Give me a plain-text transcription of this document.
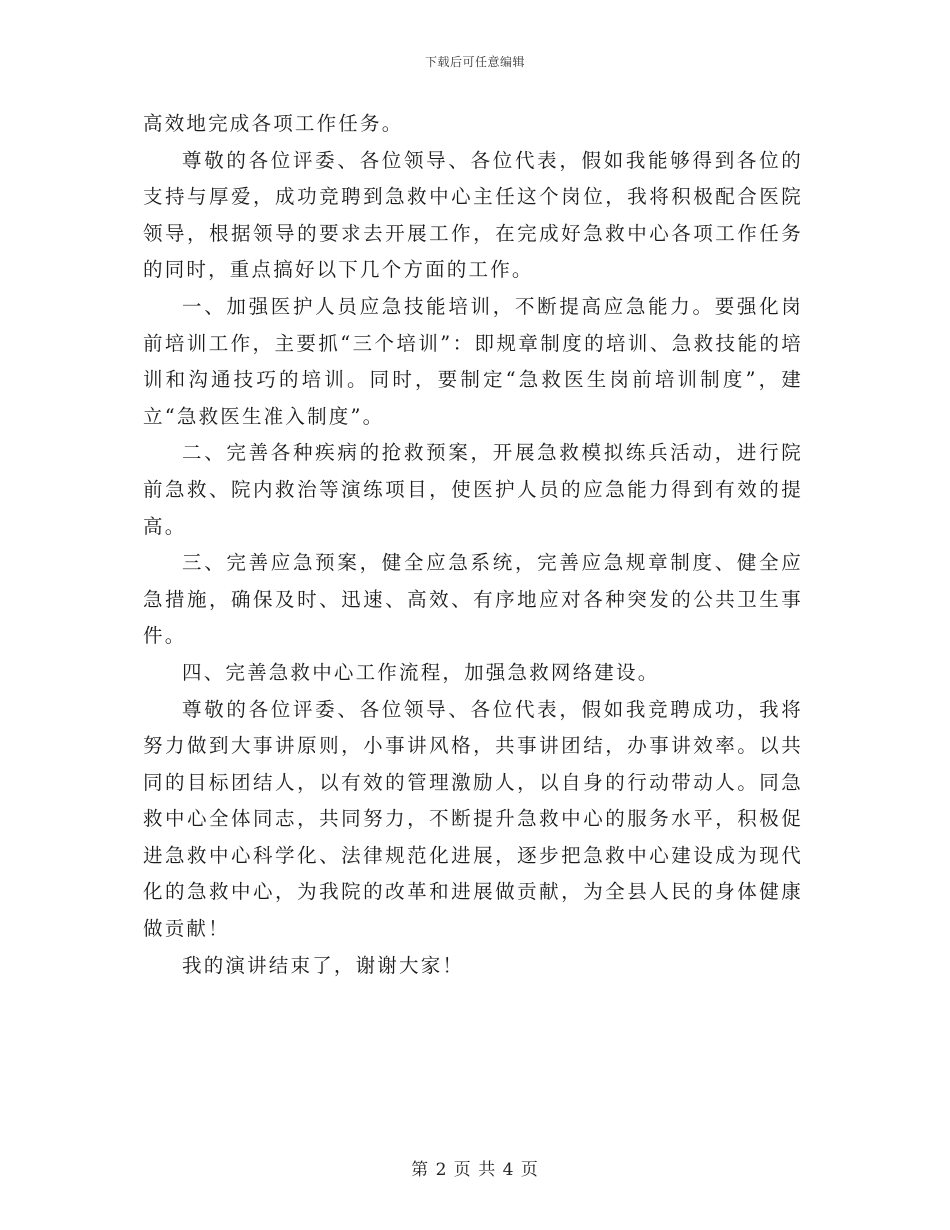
下载后可任意编辑

高效地完成各项工作任务。

尊敬的各位评委、各位领导、各位代表，假如我能够得到各位的支持与厚爱，成功竞聘到急救中心主任这个岗位，我将积极配合医院领导，根据领导的要求去开展工作，在完成好急救中心各项工作任务的同时，重点搞好以下几个方面的工作。

一、加强医护人员应急技能培训，不断提高应急能力。要强化岗前培训工作，主要抓“三个培训”：即规章制度的培训、急救技能的培训和沟通技巧的培训。同时，要制定“急救医生岗前培训制度”，建立“急救医生准入制度”。

二、完善各种疾病的抢救预案，开展急救模拟练兵活动，进行院前急救、院内救治等演练项目，使医护人员的应急能力得到有效的提高。

三、完善应急预案，健全应急系统，完善应急规章制度、健全应急措施，确保及时、迅速、高效、有序地应对各种突发的公共卫生事件。

四、完善急救中心工作流程，加强急救网络建设。

尊敬的各位评委、各位领导、各位代表，假如我竞聘成功，我将努力做到大事讲原则，小事讲风格，共事讲团结，办事讲效率。以共同的目标团结人，以有效的管理激励人，以自身的行动带动人。同急救中心全体同志，共同努力，不断提升急救中心的服务水平，积极促进急救中心科学化、法律规范化进展，逐步把急救中心建设成为现代化的急救中心，为我院的改革和进展做贡献，为全县人民的身体健康做贡献！

我的演讲结束了，谢谢大家！

第 2 页 共 4 页
